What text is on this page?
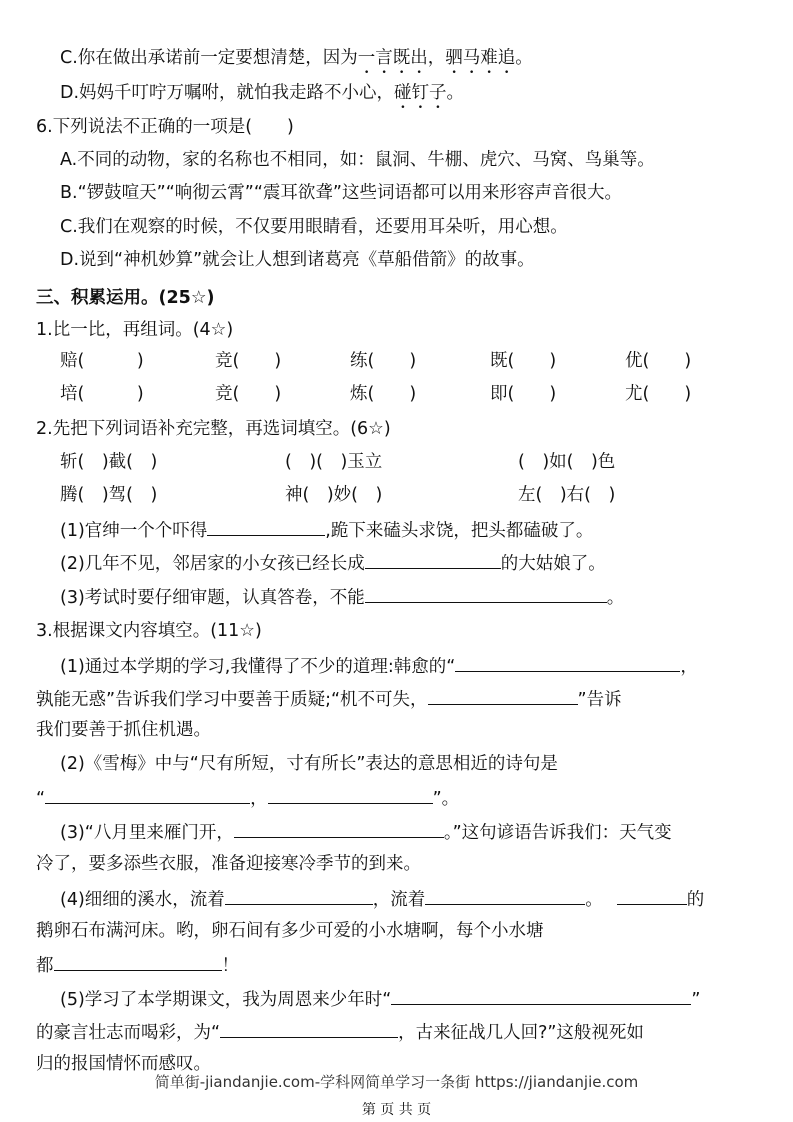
C.你在做出承诺前一定要想清楚，因为一言既出，驷马难追。
D.妈妈千叮咛万嘱咐，就怕我走路不小心，碰钉子。
6.下列说法不正确的一项是(　　)
A.不同的动物，家的名称也不相同，如：鼠洞、牛棚、虎穴、马窝、鸟巢等。
B.“锣鼓喧天”“响彻云霄”“震耳欲聋”这些词语都可以用来形容声音很大。
C.我们在观察的时候，不仅要用眼睛看，还要用耳朵听，用心想。
D.说到“神机妙算”就会让人想到诸葛亮《草船借箭》的故事。
三、积累运用。(25☆)
1.比一比，再组词。(4☆)
赔(　　　)	竞(　　)	练(　　)	既(　　)	优(　　)
培(　　　)	竞(　　)	炼(　　)	即(　　)	尤(　　)
2.先把下列词语补充完整，再选词填空。(6☆)
斩(　)截(　)	(　)(　)玉立	(　)如(　)色
腾(　)驾(　)	神(　)妙(　)	左(　)右(　)
(1)官绅一个个吓得	,跪下来磕头求饶，把头都磕破了。
(2)几年不见，邻居家的小女孩已经长成	的大姑娘了。
(3)考试时要仔细审题，认真答卷，不能	。
3.根据课文内容填空。(11☆)
(1)通过本学期的学习,我懂得了不少的道理:韩愈的“	，
孰能无惑”告诉我们学习中要善于质疑;“机不可失，	”告诉
我们要善于抓住机遇。
(2)《雪梅》中与“尺有所短，寸有所长”表达的意思相近的诗句是
“	，	”。
(3)“八月里来雁门开，	。”这句谚语告诉我们：天气变
冷了，要多添些衣服，准备迎接寒冷季节的到来。
(4)细细的溪水，流着	，流着	。	的
鹅卵石布满河床。哟，卵石间有多少可爱的小水塘啊，每个小水塘
都	！
(5)学习了本学期课文，我为周恩来少年时“	”
的豪言壮志而喝彩，为“	，古来征战几人回?”这般视死如
归的报国情怀而感叹。
简单街-jiandanjie.com-学科网简单学习一条街 https://jiandanjie.com
第 页 共 页
